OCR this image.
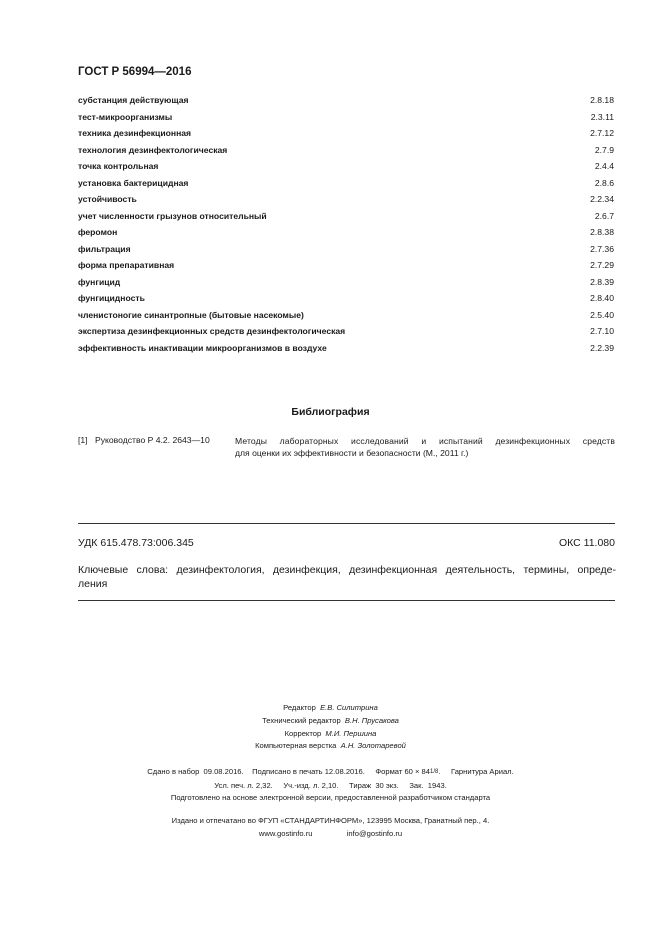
ГОСТ Р 56994—2016
субстанция действующая	2.8.18
тест-микроорганизмы	2.3.11
техника дезинфекционная	2.7.12
технология дезинфектологическая	2.7.9
точка контрольная	2.4.4
установка бактерицидная	2.8.6
устойчивость	2.2.34
учет численности грызунов относительный	2.6.7
феромон	2.8.38
фильтрация	2.7.36
форма препаративная	2.7.29
фунгицид	2.8.39
фунгицидность	2.8.40
членистоногие синантропные (бытовые насекомые)	2.5.40
экспертиза дезинфекционных средств дезинфектологическая	2.7.10
эффективность инактивации микроорганизмов в воздухе	2.2.39
Библиография
[1] Руководство Р 4.2. 2643—10	Методы лабораторных исследований и испытаний дезинфекционных средств
для оценки их эффективности и безопасности (М., 2011 г.)
УДК 615.478.73:006.345	ОКС 11.080
Ключевые слова: дезинфектология, дезинфекция, дезинфекционная деятельность, термины, опреде-
ления
Редактор Е.В. Силитрина
Технический редактор В.Н. Прусакова
Корректор М.И. Першина
Компьютерная верстка А.Н. Золотаревой
Сдано в набор  09.08.2016.    Подписано в печать 12.08.2016.     Формат 60 × 841/8.     Гарнитура Ариал.
Усл. печ. л. 2,32.     Уч.-изд. л. 2,10.     Тираж  30 экз.     Зак.  1943.
Подготовлено на основе электронной версии, предоставленной разработчиком стандарта
Издано и отпечатано во ФГУП «СТАНДАРТИНФОРМ», 123995 Москва, Гранатный пер., 4.
www.gostinfo.ru	info@gostinfo.ru
